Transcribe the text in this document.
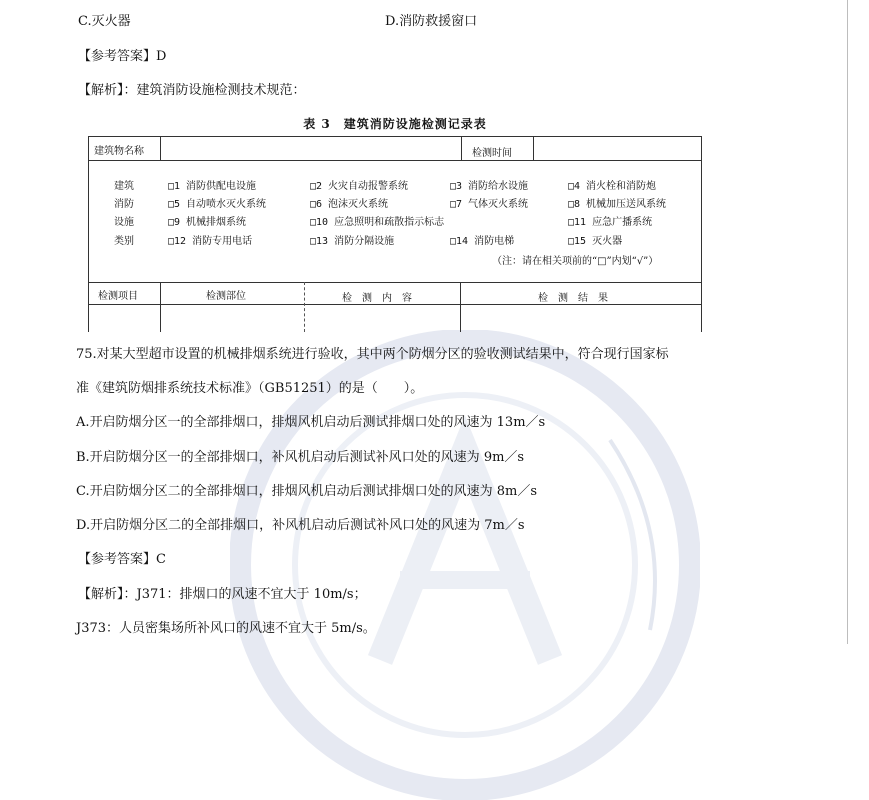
C.灭火器	D.消防救援窗口
【参考答案】D
【解析】：建筑消防设施检测技术规范：
表 3　建筑消防设施检测记录表
建筑物名称	检测时间
建筑
消防
设施
类别
□1 消防供配电设施	□2 火灾自动报警系统	□3 消防给水设施	□4 消火栓和消防炮
□5 自动喷水灭火系统	□6 泡沫灭火系统	□7 气体灭火系统	□8 机械加压送风系统
□9 机械排烟系统	□10 应急照明和疏散指示标志	□11 应急广播系统
□12 消防专用电话	□13 消防分隔设施	□14 消防电梯	□15 灭火器
（注：请在相关项前的“□”内划“√”）
检测项目	检测部位	检　测　内　容	检　测　结　果
75.对某大型超市设置的机械排烟系统进行验收，其中两个防烟分区的验收测试结果中，符合现行国家标
准《建筑防烟排系统技术标准》（GB51251）的是（　　）。
A.开启防烟分区一的全部排烟口，排烟风机启动后测试排烟口处的风速为 13m／s
B.开启防烟分区一的全部排烟口，补风机启动后测试补风口处的风速为 9m／s
C.开启防烟分区二的全部排烟口，排烟风机启动后测试排烟口处的风速为 8m／s
D.开启防烟分区二的全部排烟口，补风机启动后测试补风口处的风速为 7m／s
【参考答案】C
【解析】：J371：排烟口的风速不宜大于 10m/s；
J373：人员密集场所补风口的风速不宜大于 5m/s。
